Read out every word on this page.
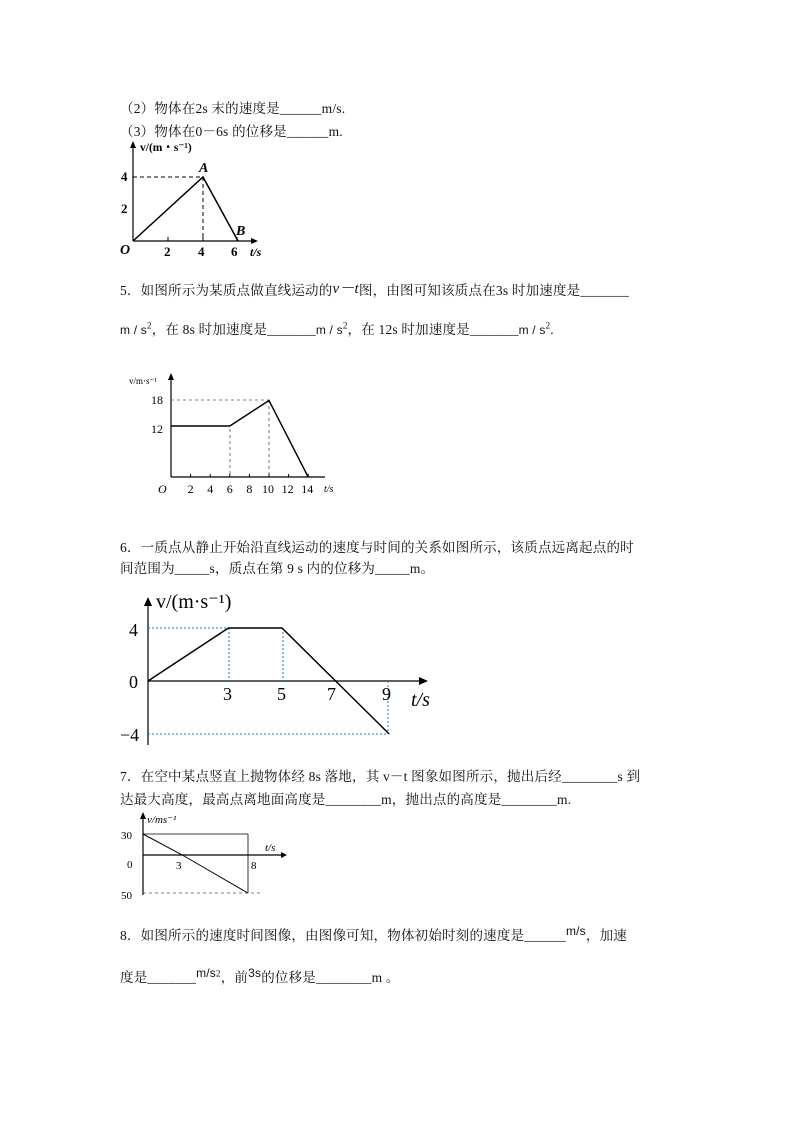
（2）物体在2s 末的速度是______m/s.
（3）物体在0－6s 的位移是______m.
v/(m・s⁻¹)
t/s
4
2
2 4 6
O
A
B
5．如图所示为某质点做直线运动的v－t图，由图可知该质点在3s 时加速度是_______
m / $s^2$，在 8s 时加速度是_______m / $s^2$，在 12s 时加速度是_______m / $s^2$.
v/m·s⁻¹
18
12
O 2 4 6 8 10 12 14 t/s
6．一质点从静止开始沿直线运动的速度与时间的关系如图所示，该质点远离起点的时
间范围为_____s，质点在第 9 s 内的位移为_____m。
v/(m·s⁻¹)
4
0
−4
3	5 7	9 t/s
7．在空中某点竖直上抛物体经 8s 落地，其 v－t 图象如图所示，抛出后经________s 到
达最大高度，最高点离地面高度是________m，抛出点的高度是________m.
v/ms⁻¹
30
0
50
3	8
t/s
8．如图所示的速度时间图像，由图像可知，物体初始时刻的速度是______m/s，加速
度是$\_\_\_\_\_\_\_m/s^2$，前3s的位移是________m 。
